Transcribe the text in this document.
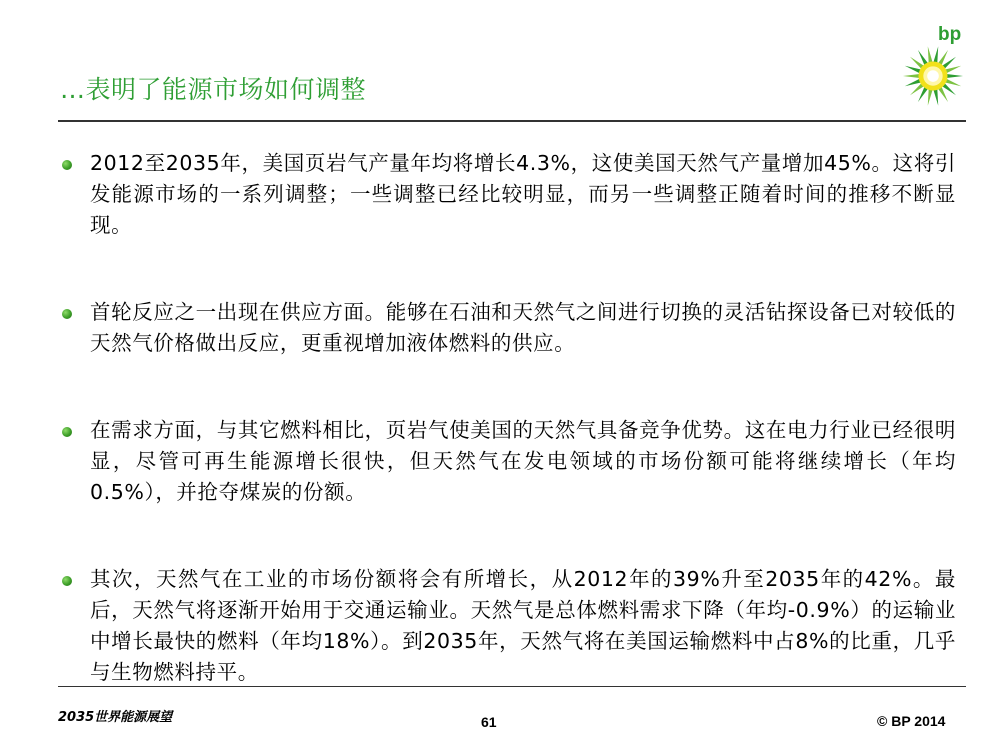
…表明了能源市场如何调整
bp
2012至2035年，美国页岩气产量年均将增长4.3%，这使美国天然气产量增加45%。这将引发能源市场的一系列调整；一些调整已经比较明显，而另一些调整正随着时间的推移不断显现。
首轮反应之一出现在供应方面。能够在石油和天然气之间进行切换的灵活钻探设备已对较低的天然气价格做出反应，更重视增加液体燃料的供应。
在需求方面，与其它燃料相比，页岩气使美国的天然气具备竞争优势。这在电力行业已经很明显，尽管可再生能源增长很快，但天然气在发电领域的市场份额可能将继续增长（年均0.5%），并抢夺煤炭的份额。
其次，天然气在工业的市场份额将会有所增长，从2012年的39%升至2035年的42%。最后，天然气将逐渐开始用于交通运输业。天然气是总体燃料需求下降（年均-0.9%）的运输业中增长最快的燃料（年均18%）。到2035年，天然气将在美国运输燃料中占8%的比重，几乎与生物燃料持平。
2035世界能源展望	61	© BP 2014
